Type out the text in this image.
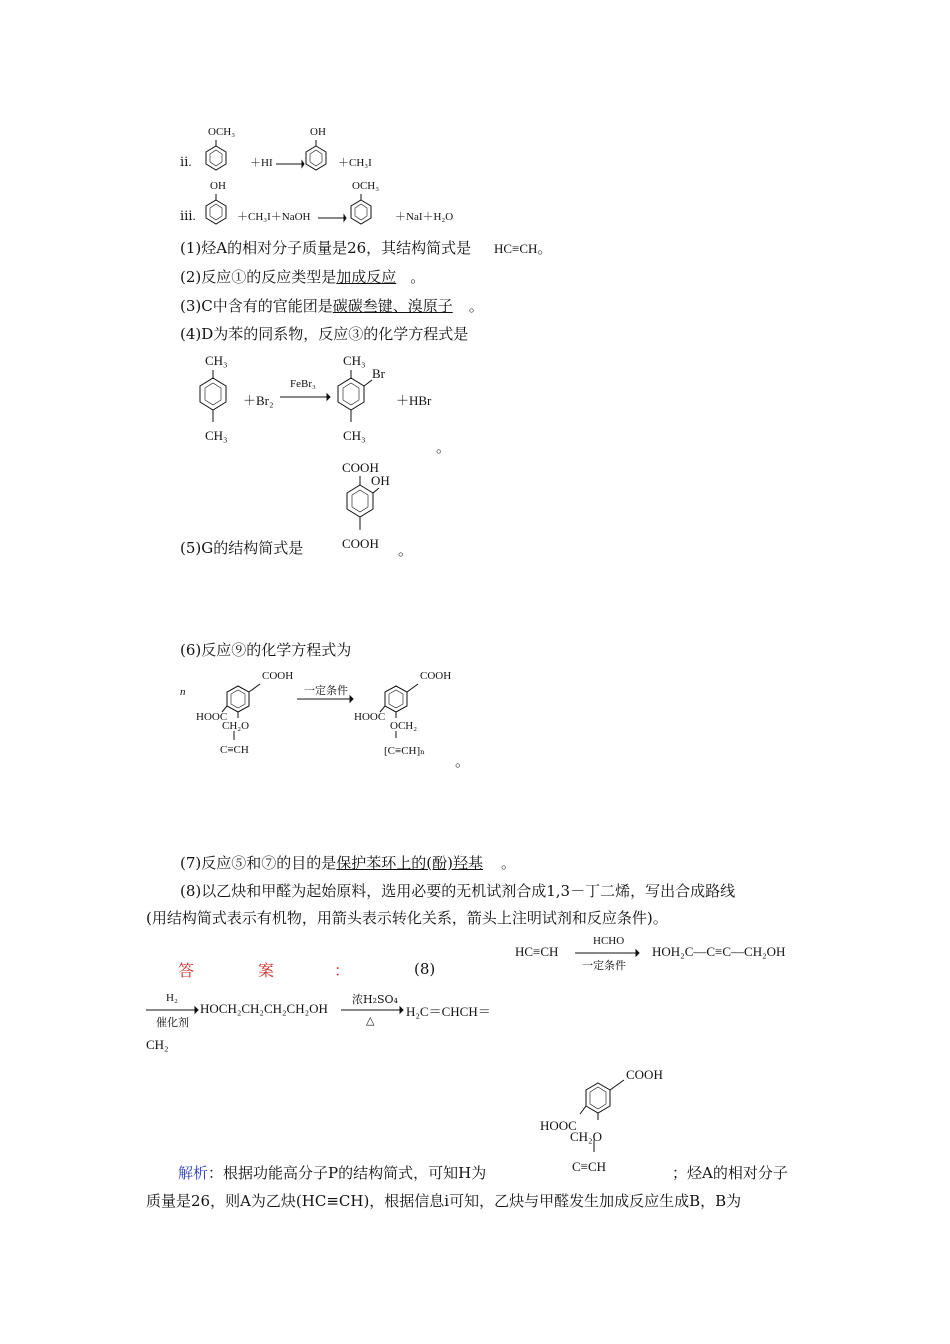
ⅱ.
OCH₃
＋HI
OH
＋CH₃I
ⅲ.
OH
＋CH₃I＋NaOH
OCH₃
＋NaI＋H₂O
(1)烃A的相对分子质量是26，其结构简式是 HC≡CH。
(2)反应①的反应类型是加成反应 。
(3)C中含有的官能团是碳碳叁键、溴原子 。
(4)D为苯的同系物，反应③的化学方程式是
CH₃
CH₃
＋Br₂
FeBr₃
CH₃
Br
CH₃
＋HBr
。
COOH
OH
(5)G的结构简式是	COOH 。
(6)反应⑨的化学方程式为
n
COOH
HOOC
CH₂O
C≡CH
一定条件
COOH
HOOC
OCH₂
[C≡CH]ₙ
。
(7)反应⑤和⑦的目的是保护苯环上的(酚)羟基 。
(8)以乙炔和甲醛为起始原料，选用必要的无机试剂合成1,3－丁二烯，写出合成路线
(用结构简式表示有机物，用箭头表示转化关系，箭头上注明试剂和反应条件)。
答	案	：	(8)
HC≡CH
HCHO
一定条件
HOH₂C—C≡C—CH₂OH
H₂
催化剂
HOCH₂CH₂CH₂CH₂OH
浓H₂SO₄
△
H₂C＝CHCH＝
CH₂
COOH
HOOC
CH₂O
C≡CH
解析：根据功能高分子P的结构简式，可知H为	；烃A的相对分子
质量是26，则A为乙炔(HC≡CH)，根据信息ⅰ可知，乙炔与甲醛发生加成反应生成B，B为
